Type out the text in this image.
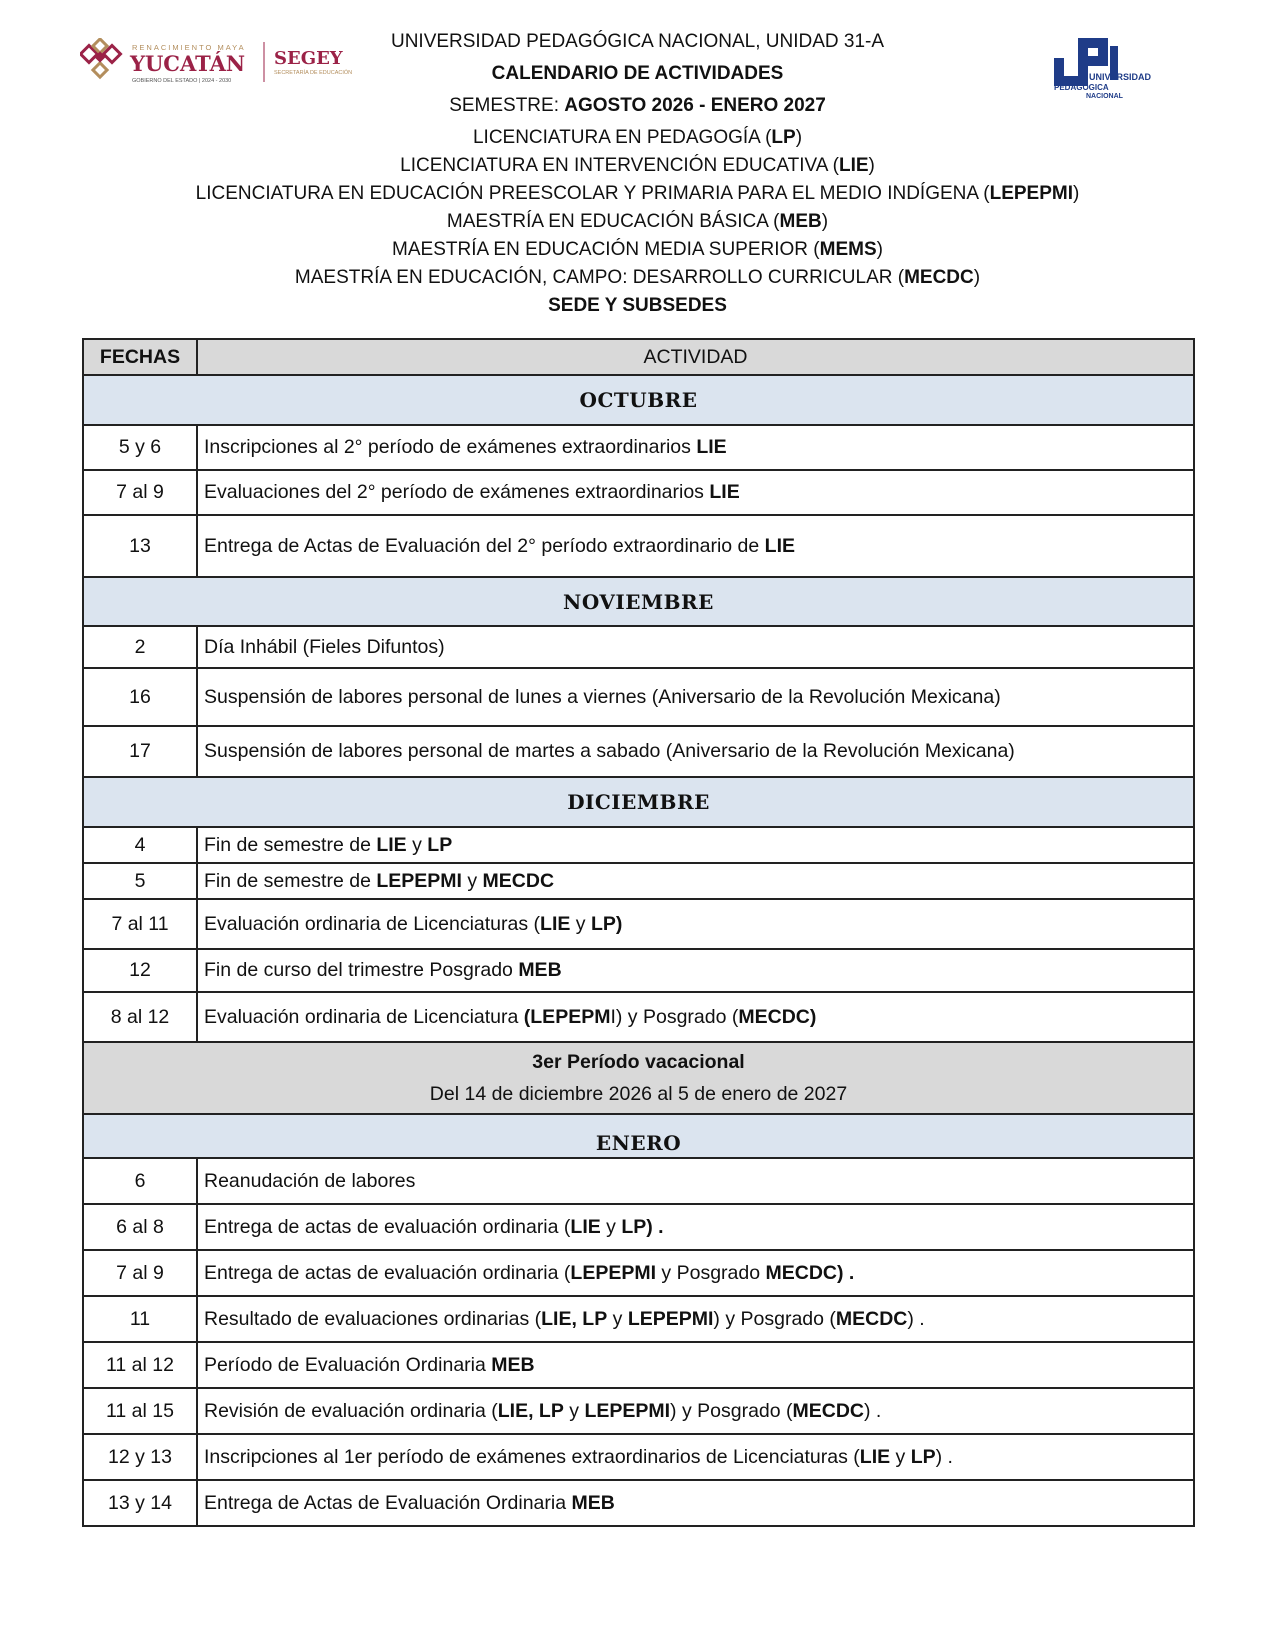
RENACIMIENTO MAYA
YUCATÁN
GOBIERNO DEL ESTADO | 2024 - 2030
SEGEY
SECRETARÍA DE EDUCACIÓN	UNIVERSIDAD
PEDAGÓGICA
NACIONAL
UNIVERSIDAD PEDAGÓGICA NACIONAL, UNIDAD 31-A
CALENDARIO DE ACTIVIDADES
SEMESTRE: AGOSTO 2026 - ENERO 2027
LICENCIATURA EN PEDAGOGÍA (LP)
LICENCIATURA EN INTERVENCIÓN EDUCATIVA (LIE)
LICENCIATURA EN EDUCACIÓN PREESCOLAR Y PRIMARIA PARA EL MEDIO INDÍGENA (LEPEPMI)
MAESTRÍA EN EDUCACIÓN BÁSICA (MEB)
MAESTRÍA EN EDUCACIÓN MEDIA SUPERIOR (MEMS)
MAESTRÍA EN EDUCACIÓN, CAMPO: DESARROLLO CURRICULAR (MECDC)
SEDE Y SUBSEDES
FECHAS	ACTIVIDAD
OCTUBRE	
5 y 6	Inscripciones al 2° período de exámenes extraordinarios LIE
7 al 9	Evaluaciones del 2° período de exámenes extraordinarios LIE
13	Entrega de Actas de Evaluación del 2° período extraordinario de LIE
NOVIEMBRE	
2	Día Inhábil (Fieles Difuntos)
16	Suspensión de labores personal de lunes a viernes (Aniversario de la Revolución Mexicana)
17	Suspensión de labores personal de martes a sabado (Aniversario de la Revolución Mexicana)
DICIEMBRE	
4	Fin de semestre de LIE y LP
5	Fin de semestre de LEPEPMI y MECDC
7 al 11	Evaluación ordinaria de Licenciaturas (LIE y LP)
12	Fin de curso del trimestre Posgrado MEB
8 al 12	Evaluación ordinaria de Licenciatura (LEPEPMI) y Posgrado (MECDC)

3er Período vacacional
Del 14 de diciembre 2026 al 5 de enero de 2027	

ENERO	
6	Reanudación de labores
6 al 8	Entrega de actas de evaluación ordinaria (LIE y LP) .
7 al 9	Entrega de actas de evaluación ordinaria (LEPEPMI y Posgrado MECDC) .
11	Resultado de evaluaciones ordinarias (LIE, LP y LEPEPMI) y Posgrado (MECDC) .
11 al 12	Período de Evaluación Ordinaria MEB
11 al 15	Revisión de evaluación ordinaria (LIE, LP y LEPEPMI) y Posgrado (MECDC) .
12 y 13	Inscripciones al 1er período de exámenes extraordinarios de Licenciaturas (LIE y LP) .
13 y 14	Entrega de Actas de Evaluación Ordinaria MEB
